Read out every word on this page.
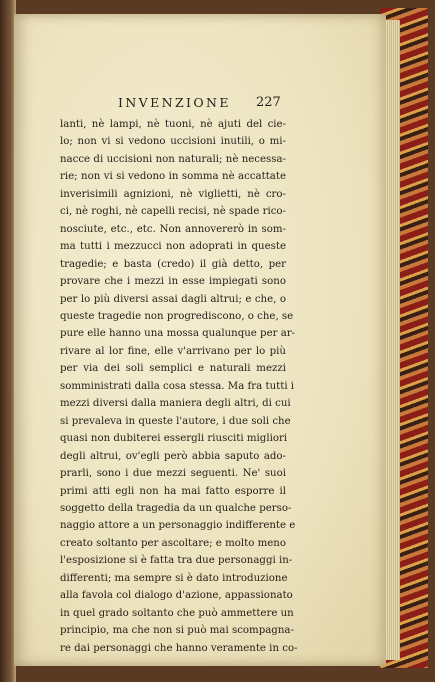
INVENZIONE 227
lanti, nè lampi, nè tuoni, nè ajuti del cie-
lo; non vi si vedono uccisioni inutili, o mi-
nacce di uccisioni non naturali; nè necessa-
rie; non vi si vedono in somma nè accattate
inverisimili agnizioni, nè viglietti, nè cro-
ci, nè roghi, nè capelli recisi, nè spade rico-
nosciute, etc., etc. Non annovererò in som-
ma tutti i mezzucci non adoprati in queste
tragedie; e basta (credo) il già detto, per
provare che i mezzi in esse impiegati sono
per lo più diversi assai dagli altrui; e che, o
queste tragedie non progrediscono, o che, se
pure elle hanno una mossa qualunque per ar-
rivare al lor fine, elle v'arrivano per lo più
per via dei soli semplici e naturali mezzi
somministrati dalla cosa stessa. Ma fra tutti i
mezzi diversi dalla maniera degli altri, di cui
si prevaleva in queste l'autore, i due soli che
quasi non dubiterei essergli riusciti migliori
degli altrui, ov'egli però abbia saputo ado-
prarli, sono i due mezzi seguenti. Ne' suoi
primi atti egli non ha mai fatto esporre il
soggetto della tragedia da un qualche perso-
naggio attore a un personaggio indifferente e
creato soltanto per ascoltare; e molto meno
l'esposizione si è fatta tra due personaggi in-
differenti; ma sempre si è dato introduzione
alla favola col dialogo d'azione, appassionato
in quel grado soltanto che può ammettere un
principio, ma che non si può mai scompagna-
re dai personaggi che hanno veramente in co-
